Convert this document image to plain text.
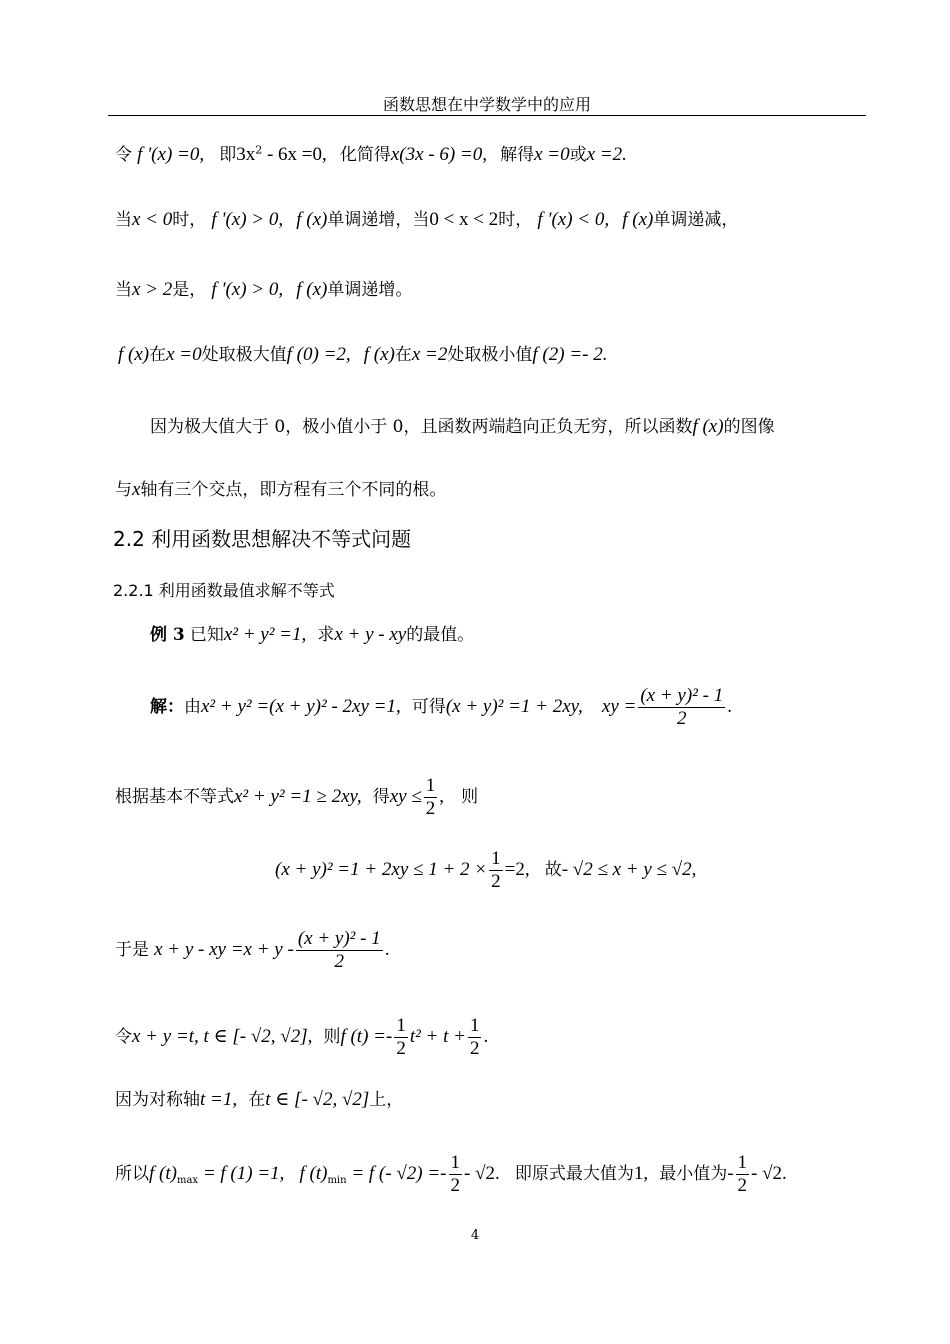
函数思想在中学数学中的应用
令 f '(x) =0, 即$3x^2 - 6x =0$, 化简得x(3x - 6) =0, 解得x =0或x =2.
当x < 0时， f '(x) > 0, f (x)单调递增，当0 < x < 2时， f '(x) < 0, f (x)单调递减，
当x > 2是， f '(x) > 0, f (x)单调递增。
f (x)在x =0处取极大值f (0) =2, f (x)在x =2处取极小值f (2) =- 2.
因为极大值大于 0，极小值小于 0，且函数两端趋向正负无穷，所以函数f (x)的图像
与x轴有三个交点，即方程有三个不同的根。
2.2 利用函数思想解决不等式问题
2.2.1 利用函数最值求解不等式
例 3 已知x² + y² =1, 求x + y - xy的最值。
解：由x² + y² =(x + y)² - 2xy =1, 可得(x + y)² =1 + 2xy, xy = $\frac{\text{(x + y)² - 1}}{2}$ .
根据基本不等式x² + y² =1 ≥ 2xy, 得xy ≤ $\frac{1}{2}$ , 则
$(x + y)^2 =1 + 2xy \le 1 + 2 \times \frac{1}{2} =2$, 故- √2 ≤ x + y ≤ √2,
于是 x + y - xy $=x + y - \frac{\text{(x + y)² - 1}}{2}$ .
令x + y =t, t ∈ [- √2, √2], 则f $(t) =- \frac{1}{2} t^2 + t + \frac{1}{2}$ .
因为对称轴t =1, 在t ∈ [- √2, √2]上，
所以f $(t)_{max} = f$ (1) =1, f $(t)_{min} = f$ (- $√2) =- \frac{1}{2} - √2$. 即原式最大值为1, 最小值为- $\frac{1}{2} - √2$.
4
